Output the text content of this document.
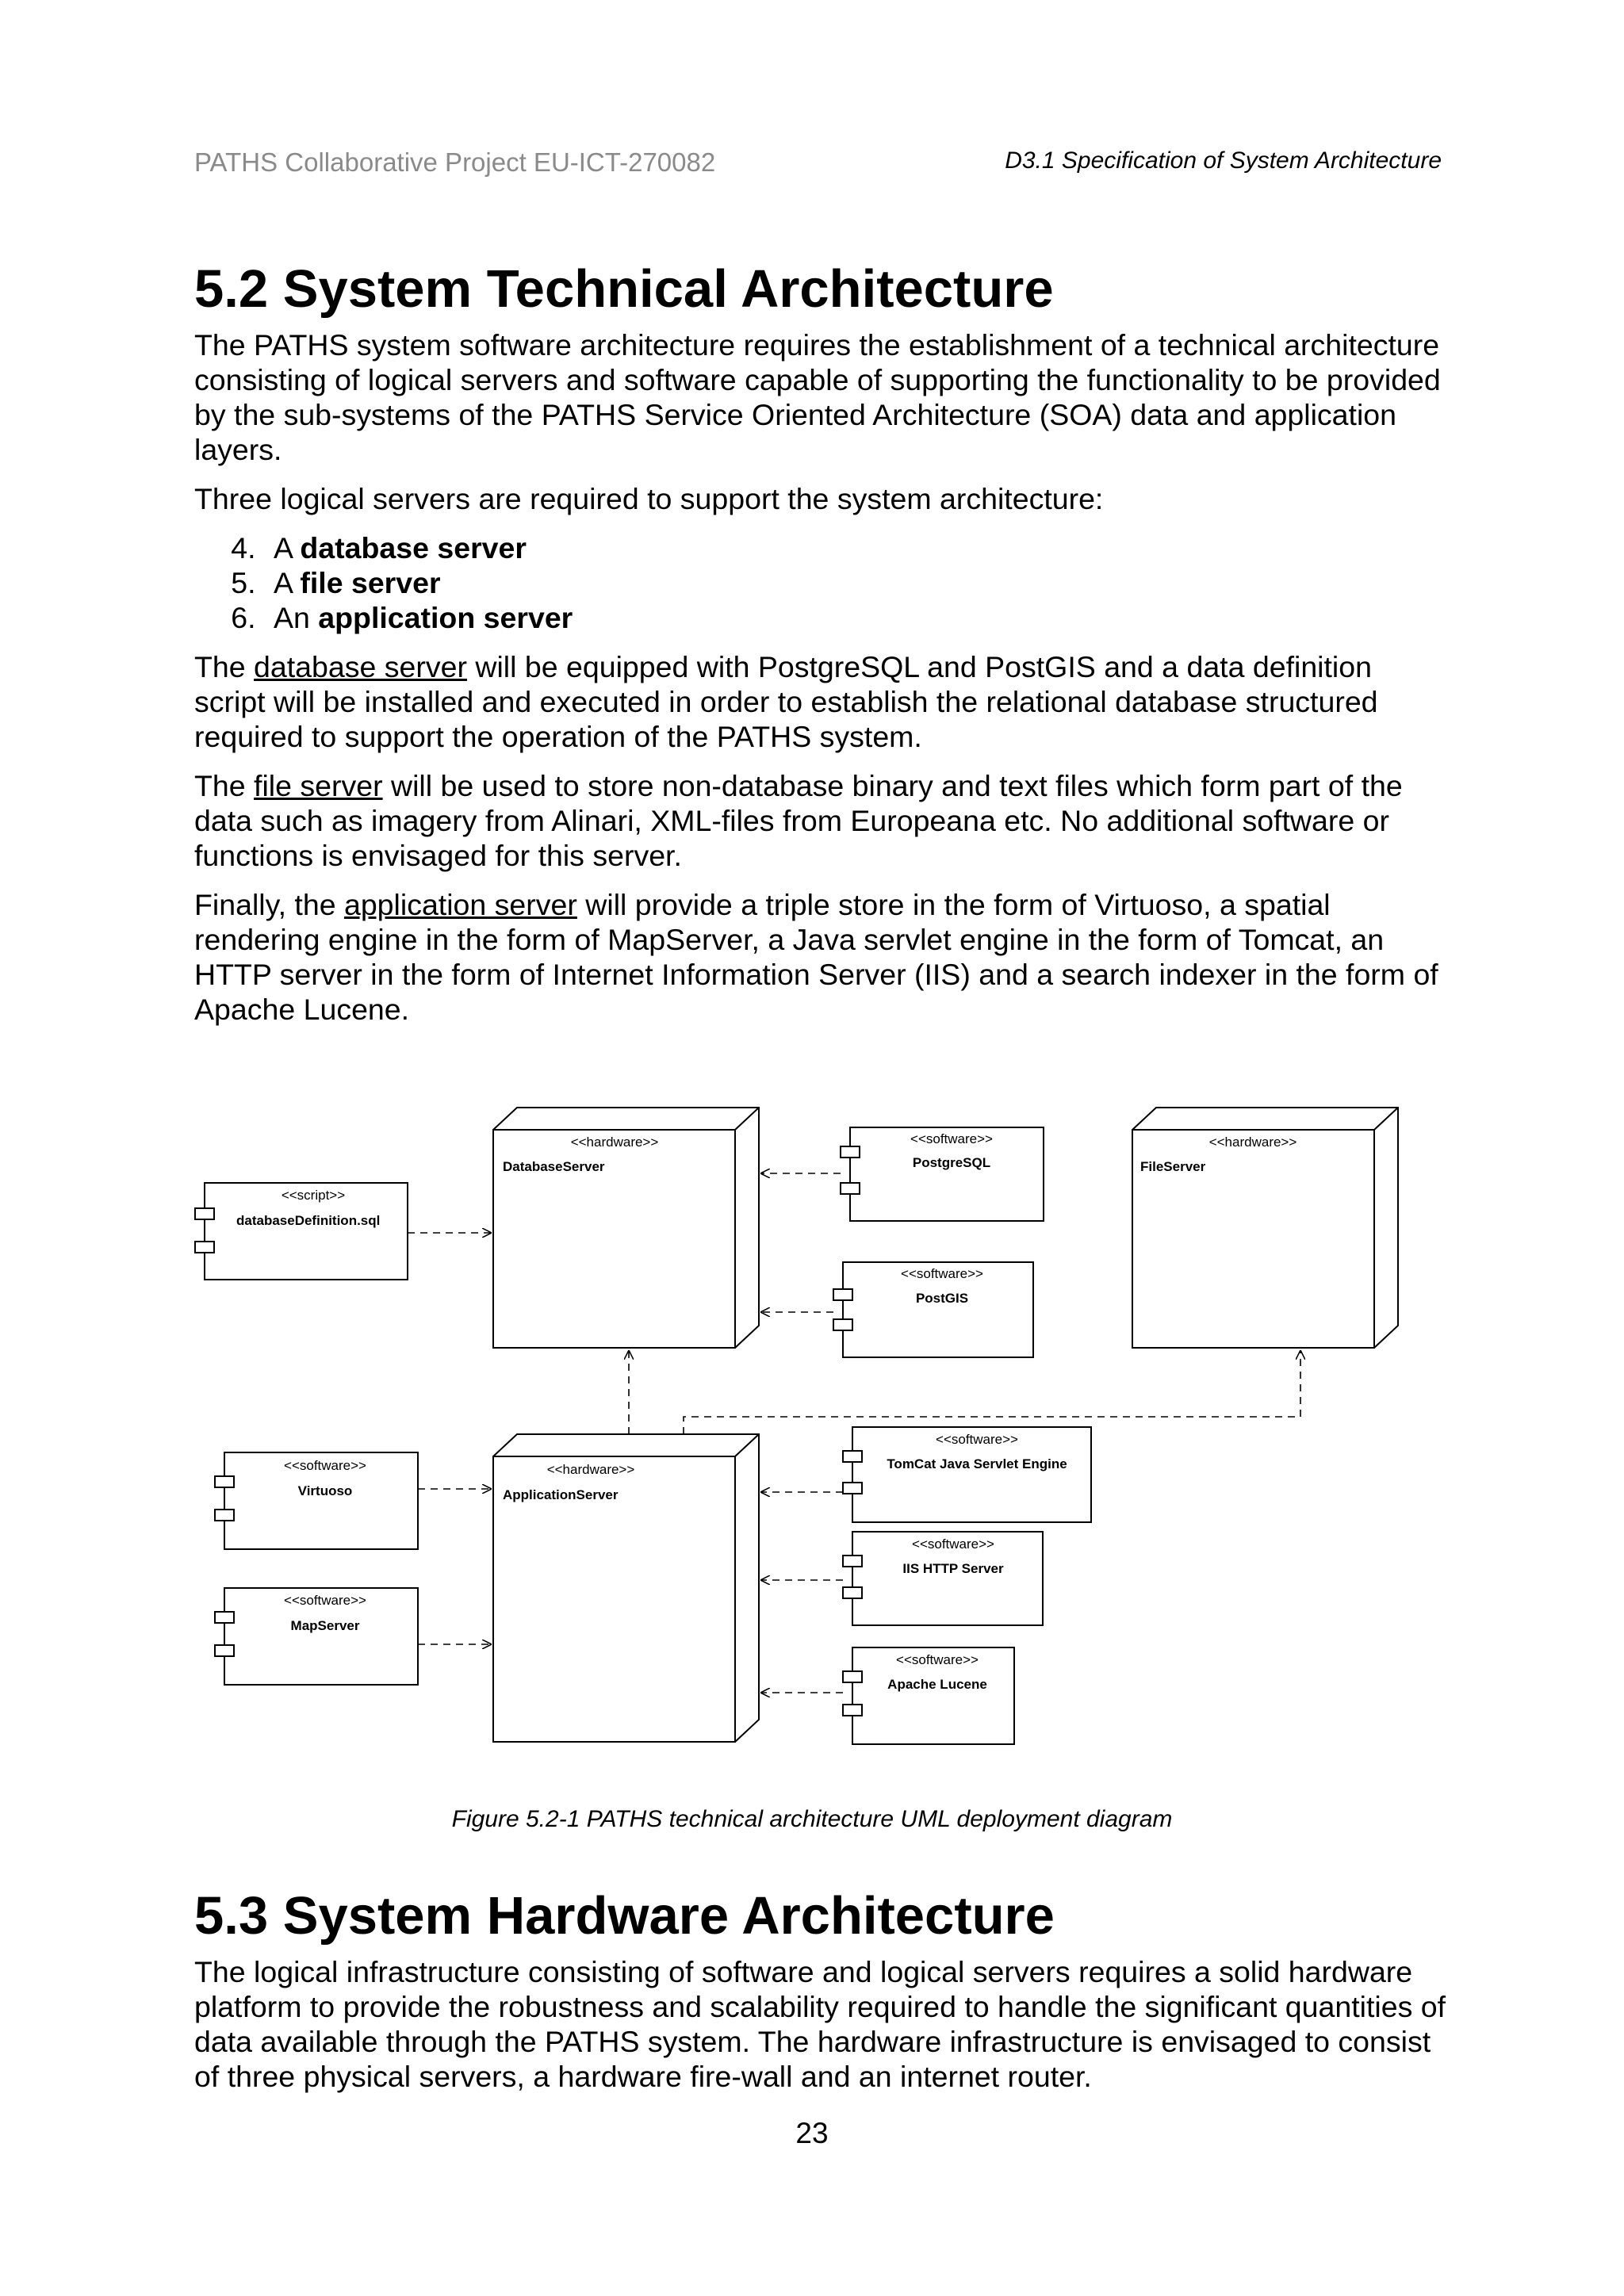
PATHS Collaborative Project EU-ICT-270082	D3.1 Specification of System Architecture
5.2 System Technical Architecture

The PATHS system software architecture requires the establishment of a technical architecture consisting of logical servers and software capable of supporting the functionality to be provided by the sub-systems of the PATHS Service Oriented Architecture (SOA) data and application layers.

Three logical servers are required to support the system architecture:

4. A database server
5. A file server
6. An application server

The database server will be equipped with PostgreSQL and PostGIS and a data definition script will be installed and executed in order to establish the relational database structured required to support the operation of the PATHS system.

The file server will be used to store non-database binary and text files which form part of the data such as imagery from Alinari, XML-files from Europeana etc. No additional software or functions is envisaged for this server.

Finally, the application server will provide a triple store in the form of Virtuoso, a spatial rendering engine in the form of MapServer, a Java servlet engine in the form of Tomcat, an HTTP server in the form of Internet Information Server (IIS) and a search indexer in the form of Apache Lucene.

<<hardware>>
DatabaseServer
<<hardware>>
FileServer
<<hardware>>
ApplicationServer
<<script>>
databaseDefinition.sql
<<software>>
PostgreSQL
<<software>>
PostGIS
<<software>>
Virtuoso
<<software>>
MapServer
<<software>>
TomCat Java Servlet Engine
<<software>>
IIS HTTP Server
<<software>>
Apache Lucene
Figure 5.2-1 PATHS technical architecture UML deployment diagram
5.3 System Hardware Architecture

The logical infrastructure consisting of software and logical servers requires a solid hardware platform to provide the robustness and scalability required to handle the significant quantities of data available through the PATHS system. The hardware infrastructure is envisaged to consist of three physical servers, a hardware fire-wall and an internet router.

23
